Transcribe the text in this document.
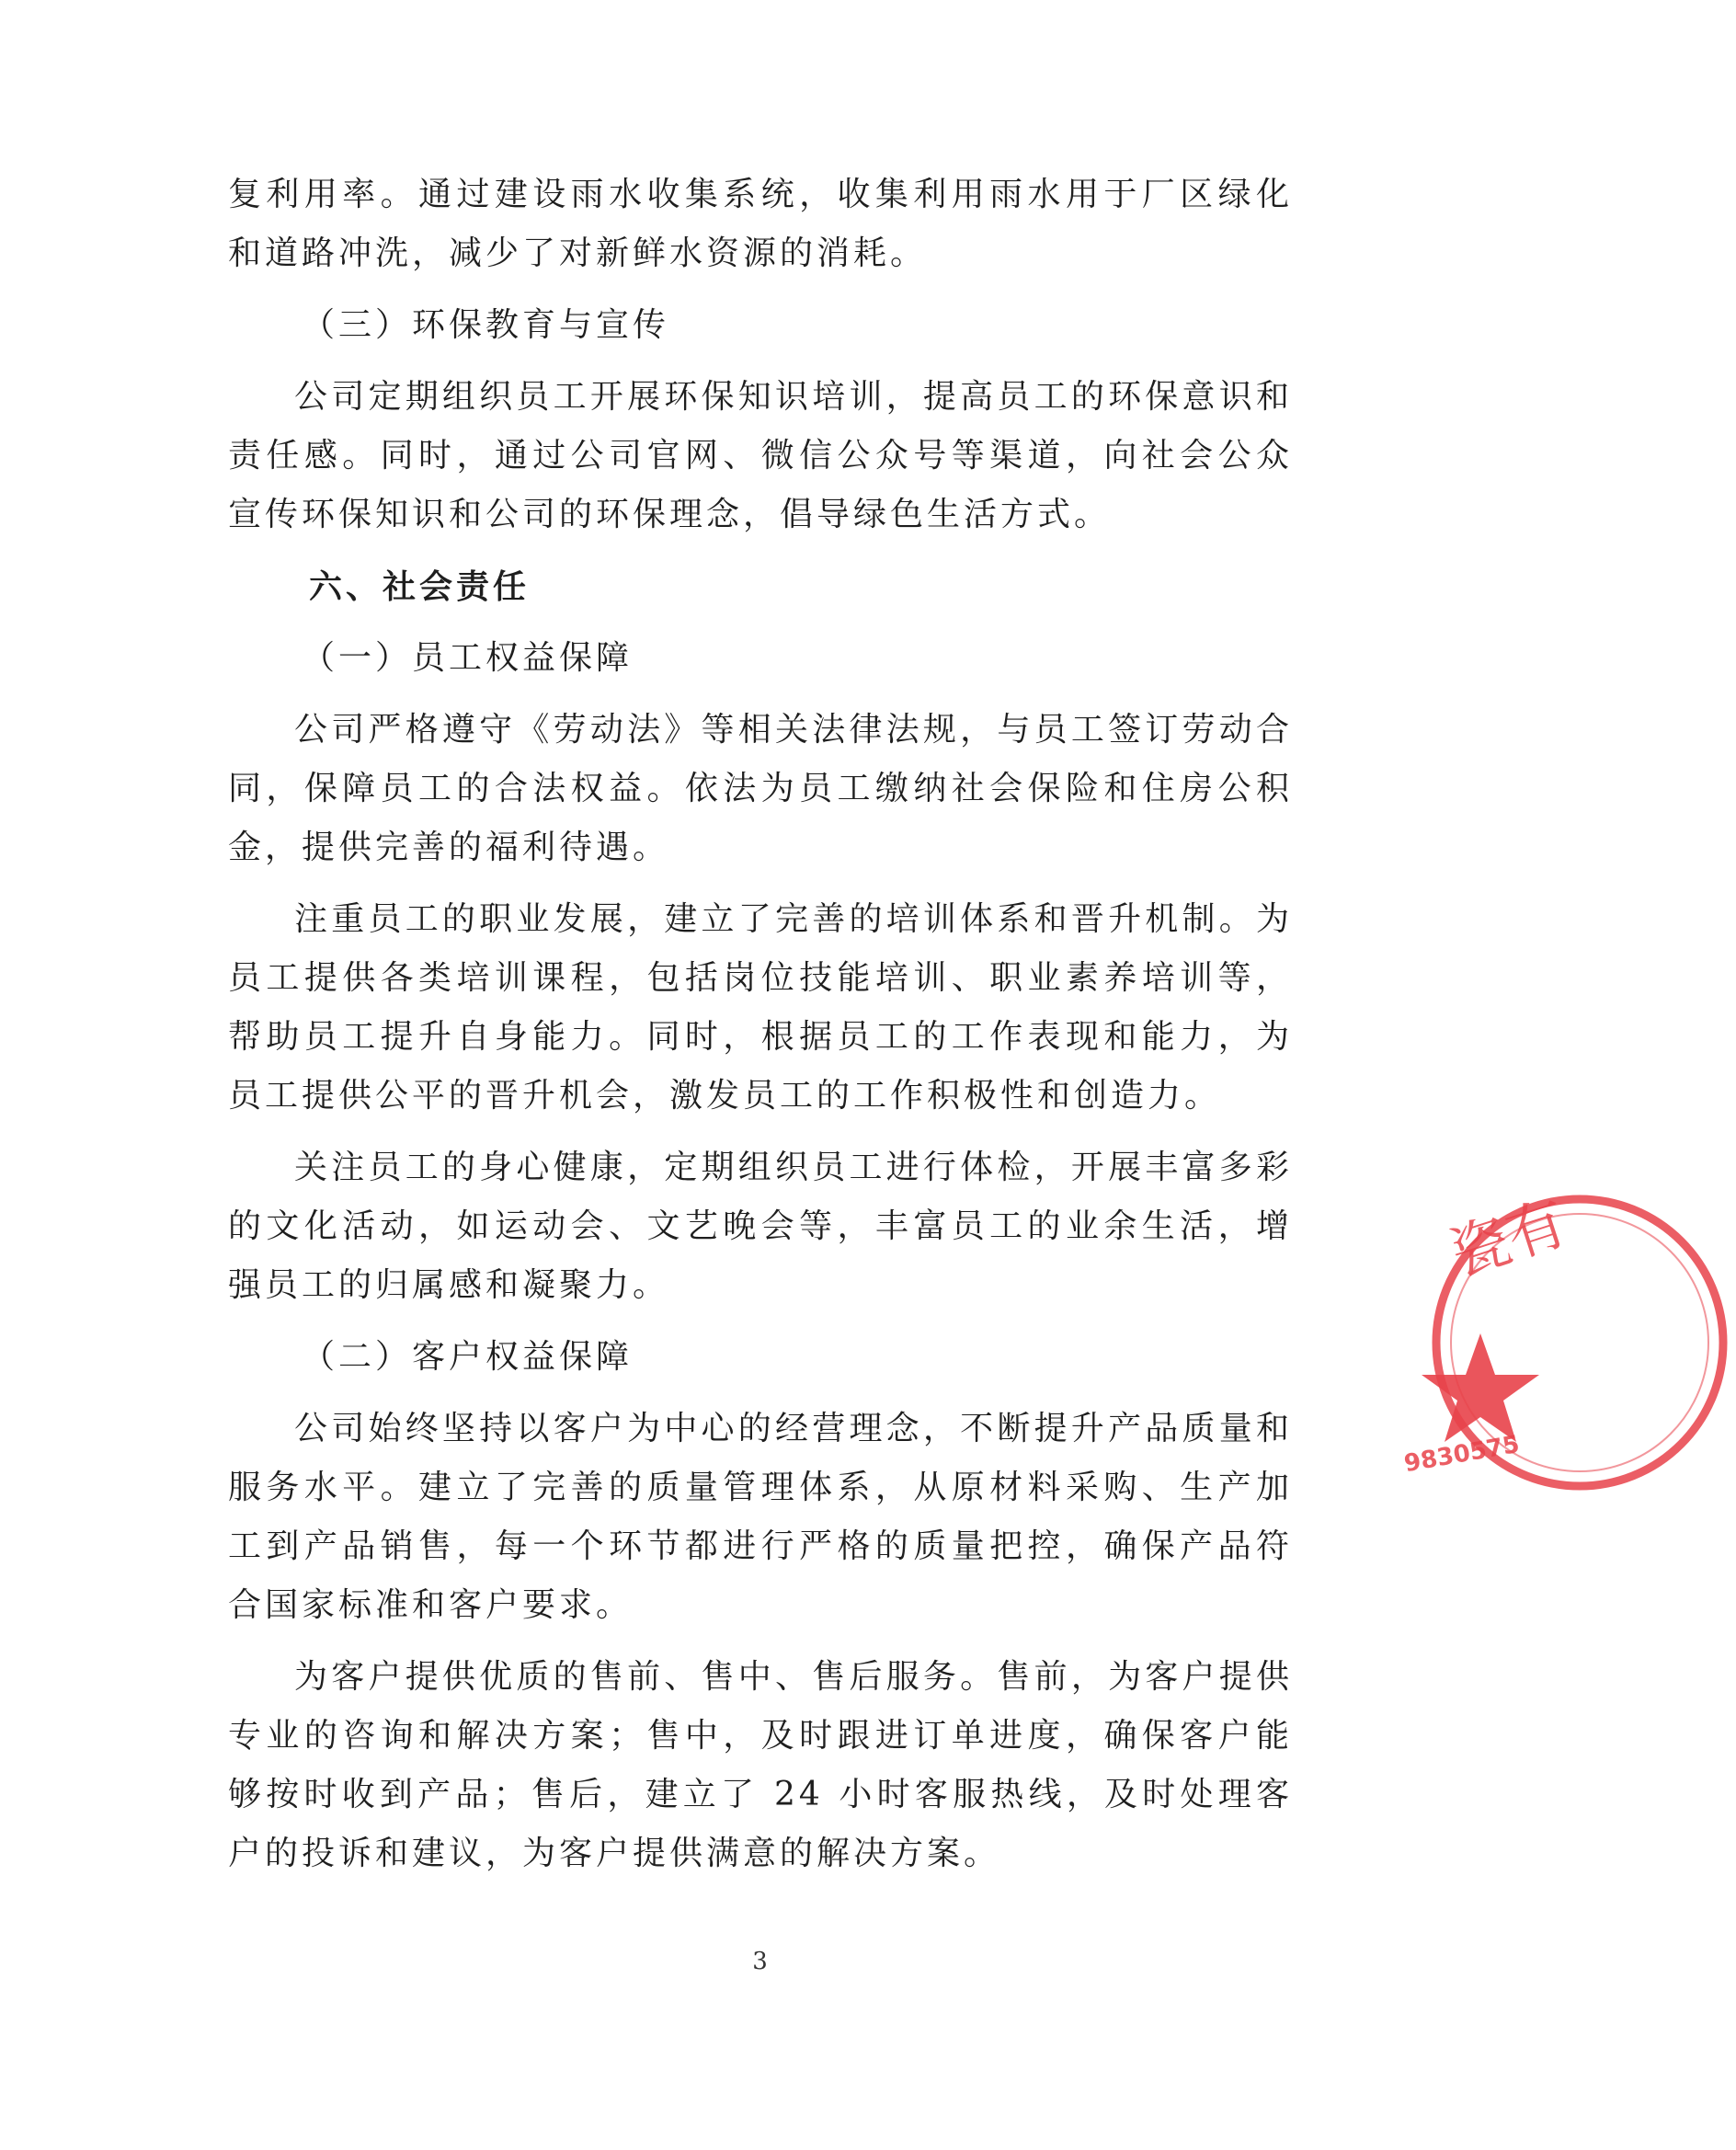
复利用率。通过建设雨水收集系统，收集利用雨水用于厂区绿化和道路冲洗，减少了对新鲜水资源的消耗。

（三）环保教育与宣传

公司定期组织员工开展环保知识培训，提高员工的环保意识和责任感。同时，通过公司官网、微信公众号等渠道，向社会公众宣传环保知识和公司的环保理念，倡导绿色生活方式。

六、社会责任
（一）员工权益保障

公司严格遵守《劳动法》等相关法律法规，与员工签订劳动合同，保障员工的合法权益。依法为员工缴纳社会保险和住房公积金，提供完善的福利待遇。

注重员工的职业发展，建立了完善的培训体系和晋升机制。为员工提供各类培训课程，包括岗位技能培训、职业素养培训等，帮助员工提升自身能力。同时，根据员工的工作表现和能力，为员工提供公平的晋升机会，激发员工的工作积极性和创造力。

关注员工的身心健康，定期组织员工进行体检，开展丰富多彩的文化活动，如运动会、文艺晚会等，丰富员工的业余生活，增强员工的归属感和凝聚力。

（二）客户权益保障

公司始终坚持以客户为中心的经营理念，不断提升产品质量和服务水平。建立了完善的质量管理体系，从原材料采购、生产加工到产品销售，每一个环节都进行严格的质量把控，确保产品符合国家标准和客户要求。

为客户提供优质的售前、售中、售后服务。售前，为客户提供专业的咨询和解决方案；售中，及时跟进订单进度，确保客户能够按时收到产品；售后，建立了 24 小时客服热线，及时处理客户的投诉和建议，为客户提供满意的解决方案。

3
瓷有
9830575
